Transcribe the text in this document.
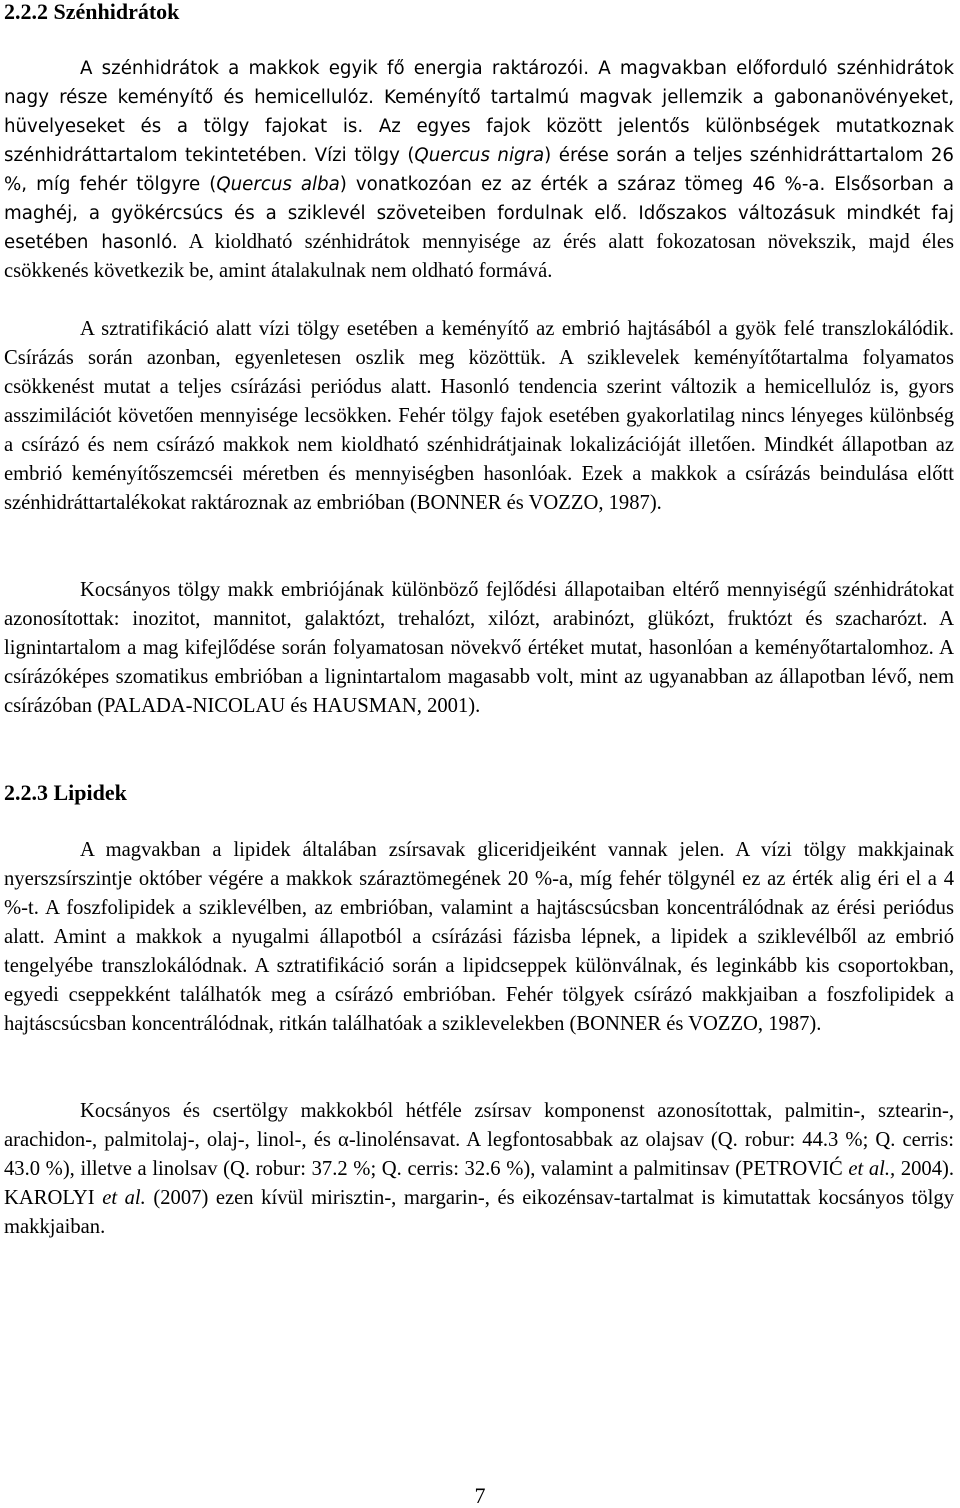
2.2.2 Szénhidrátok

A szénhidrátok a makkok egyik fő energia raktározói. A magvakban előforduló szénhidrátok nagy része keményítő és hemicellulóz. Keményítő tartalmú magvak jellemzik a gabonanövényeket, hüvelyeseket és a tölgy fajokat is. Az egyes fajok között jelentős különbségek mutatkoznak szénhidráttartalom tekintetében. Vízi tölgy (Quercus nigra) érése során a teljes szénhidráttartalom 26 %, míg fehér tölgyre (Quercus alba) vonatkozóan ez az érték a száraz tömeg 46 %-a. Elsősorban a maghéj, a gyökércsúcs és a sziklevél szöveteiben fordulnak elő. Időszakos változásuk mindkét faj esetében hasonló. A kioldható szénhidrátok mennyisége az érés alatt fokozatosan növekszik, majd éles csökkenés következik be, amint átalakulnak nem oldható formává.

A sztratifikáció alatt vízi tölgy esetében a keményítő az embrió hajtásából a gyök felé transzlokálódik. Csírázás során azonban, egyenletesen oszlik meg közöttük. A sziklevelek keményítőtartalma folyamatos csökkenést mutat a teljes csírázási periódus alatt. Hasonló tendencia szerint változik a hemicellulóz is, gyors asszimilációt követően mennyisége lecsökken. Fehér tölgy fajok esetében gyakorlatilag nincs lényeges különbség a csírázó és nem csírázó makkok nem kioldható szénhidrátjainak lokalizációját illetően. Mindkét állapotban az embrió keményítőszemcséi méretben és mennyiségben hasonlóak. Ezek a makkok a csírázás beindulása előtt szénhidráttartalékokat raktároznak az embrióban (BONNER és VOZZO, 1987).

Kocsányos tölgy makk embriójának különböző fejlődési állapotaiban eltérő mennyiségű szénhidrátokat azonosítottak: inozitot, mannitot, galaktózt, trehalózt, xilózt, arabinózt, glükózt, fruktózt és szacharózt. A lignintartalom a mag kifejlődése során folyamatosan növekvő értéket mutat, hasonlóan a keményőtartalomhoz. A csírázóképes szomatikus embrióban a lignintartalom magasabb volt, mint az ugyanabban az állapotban lévő, nem csírázóban (PALADA-NICOLAU és HAUSMAN, 2001).

2.2.3 Lipidek

A magvakban a lipidek általában zsírsavak gliceridjeiként vannak jelen. A vízi tölgy makkjainak nyerszsírszintje október végére a makkok száraztömegének 20 %-a, míg fehér tölgynél ez az érték alig éri el a 4 %-t. A foszfolipidek a sziklevélben, az embrióban, valamint a hajtáscsúcsban koncentrálódnak az érési periódus alatt. Amint a makkok a nyugalmi állapotból a csírázási fázisba lépnek, a lipidek a sziklevélből az embrió tengelyébe transzlokálódnak. A sztratifikáció során a lipidcseppek különválnak, és leginkább kis csoportokban, egyedi cseppekként találhatók meg a csírázó embrióban. Fehér tölgyek csírázó makkjaiban a foszfolipidek a hajtáscsúcsban koncentrálódnak, ritkán találhatóak a sziklevelekben (BONNER és VOZZO, 1987).

Kocsányos és csertölgy makkokból hétféle zsírsav komponenst azonosítottak, palmitin-, sztearin-, arachidon-, palmitolaj-, olaj-, linol-, és α-linolénsavat. A legfontosabbak az olajsav (Q. robur: 44.3 %; Q. cerris: 43.0 %), illetve a linolsav (Q. robur: 37.2 %; Q. cerris: 32.6 %), valamint a palmitinsav (PETROVIĆ et al., 2004). KAROLYI et al. (2007) ezen kívül mirisztin-, margarin-, és eikozénsav-tartalmat is kimutattak kocsányos tölgy makkjaiban.

7
